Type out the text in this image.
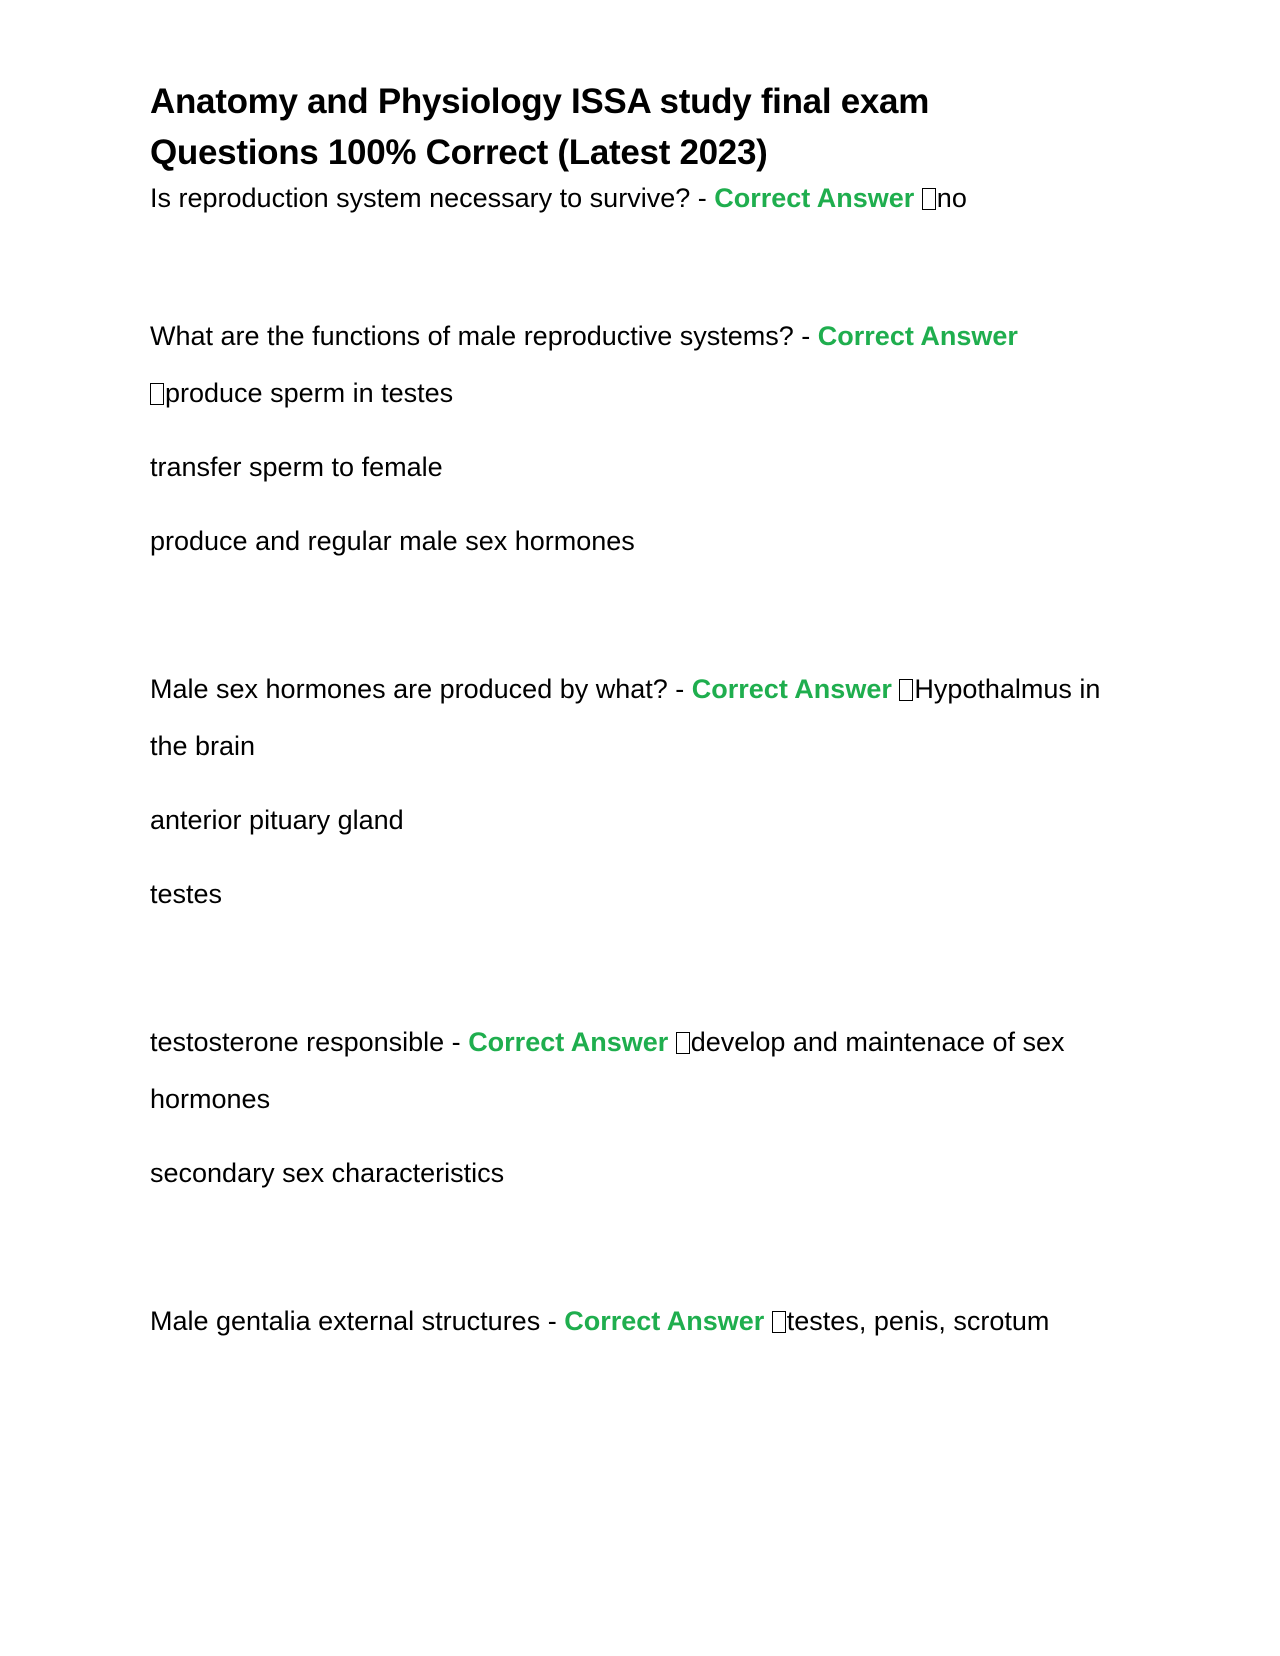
Anatomy and Physiology ISSA study final exam
Questions 100% Correct (Latest 2023)

Is reproduction system necessary to survive? - Correct Answer no

What are the functions of male reproductive systems? - Correct Answer
produce sperm in testes

transfer sperm to female

produce and regular male sex hormones

Male sex hormones are produced by what? - Correct Answer Hypothalmus in the brain

anterior pituary gland

testes

testosterone responsible - Correct Answer develop and maintenace of sex hormones

secondary sex characteristics

Male gentalia external structures - Correct Answer testes, penis, scrotum
